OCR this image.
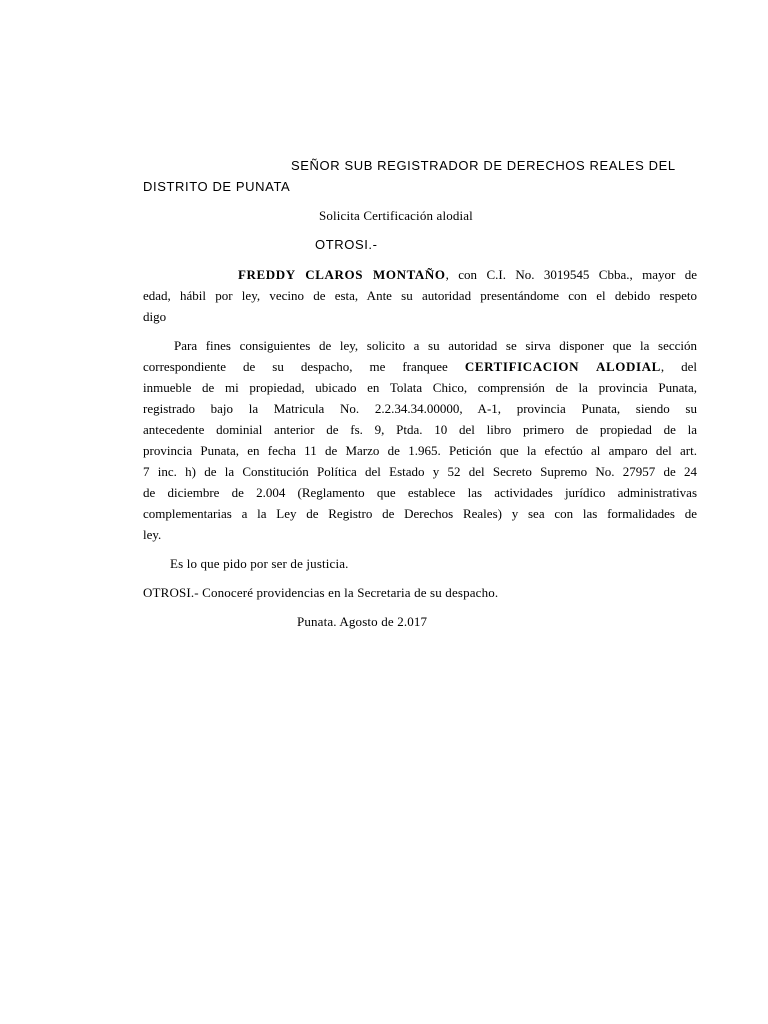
SEÑOR SUB REGISTRADOR DE DERECHOS REALES DEL
DISTRITO DE PUNATA
Solicita Certificación alodial
OTROSI.-
FREDDY CLAROS MONTAÑO, con C.I. No. 3019545 Cbba., mayor de
edad, hábil por ley, vecino de esta, Ante su autoridad presentándome con el debido respeto
digo
Para fines consiguientes de ley, solicito a su autoridad se sirva disponer que la sección
correspondiente de su despacho, me franquee CERTIFICACION ALODIAL, del
inmueble de mi propiedad, ubicado en Tolata Chico, comprensión de la provincia Punata,
registrado bajo la Matricula No. 2.2.34.34.00000, A-1, provincia Punata, siendo su
antecedente dominial anterior de fs. 9, Ptda. 10 del libro primero de propiedad de la
provincia Punata, en fecha 11 de Marzo de 1.965. Petición que la efectúo al amparo del art.
7 inc. h) de la Constitución Política del Estado y 52 del Secreto Supremo No. 27957 de 24
de diciembre de 2.004 (Reglamento que establece las actividades jurídico administrativas
complementarias a la Ley de Registro de Derechos Reales) y sea con las formalidades de
ley.
Es lo que pido por ser de justicia.
OTROSI.- Conoceré providencias en la Secretaria de su despacho.
Punata. Agosto de 2.017
